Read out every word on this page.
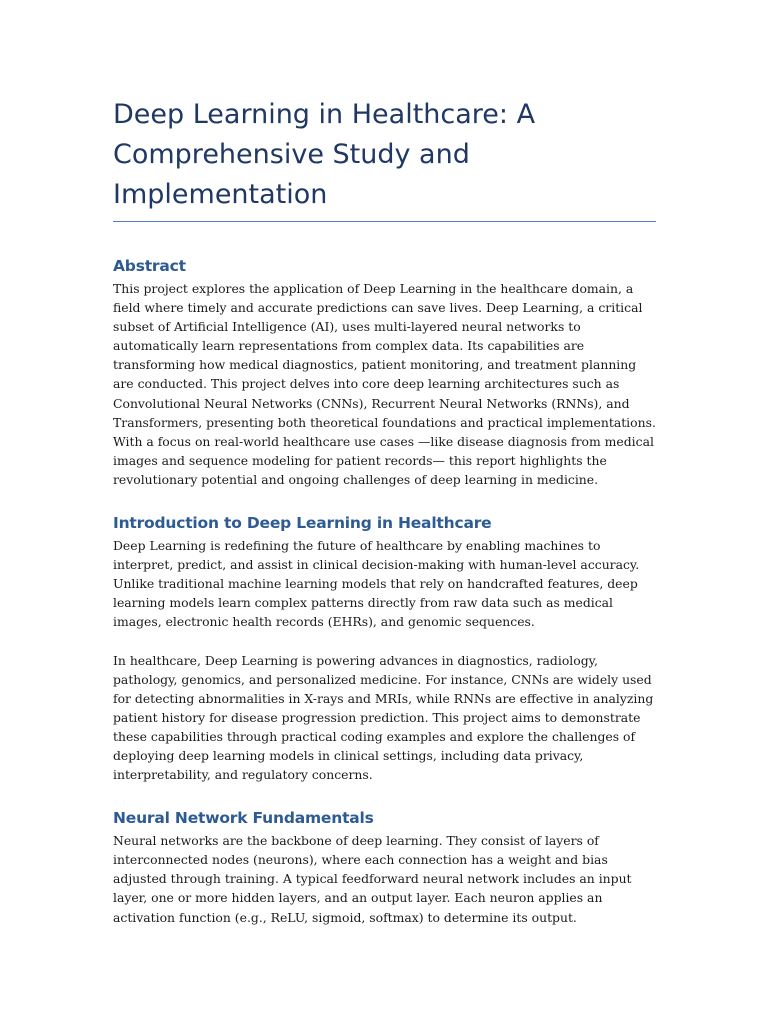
Deep Learning in Healthcare: A Comprehensive Study and Implementation
Abstract

This project explores the application of Deep Learning in the healthcare domain, a field where timely and accurate predictions can save lives. Deep Learning, a critical subset of Artificial Intelligence (AI), uses multi-layered neural networks to automatically learn representations from complex data. Its capabilities are transforming how medical diagnostics, patient monitoring, and treatment planning are conducted. This project delves into core deep learning architectures such as Convolutional Neural Networks (CNNs), Recurrent Neural Networks (RNNs), and Transformers, presenting both theoretical foundations and practical implementations. With a focus on real-world healthcare use cases —like disease diagnosis from medical images and sequence modeling for patient records— this report highlights the revolutionary potential and ongoing challenges of deep learning in medicine.

Introduction to Deep Learning in Healthcare

Deep Learning is redefining the future of healthcare by enabling machines to interpret, predict, and assist in clinical decision-making with human-level accuracy. Unlike traditional machine learning models that rely on handcrafted features, deep learning models learn complex patterns directly from raw data such as medical images, electronic health records (EHRs), and genomic sequences.

In healthcare, Deep Learning is powering advances in diagnostics, radiology, pathology, genomics, and personalized medicine. For instance, CNNs are widely used for detecting abnormalities in X-rays and MRIs, while RNNs are effective in analyzing patient history for disease progression prediction. This project aims to demonstrate these capabilities through practical coding examples and explore the challenges of deploying deep learning models in clinical settings, including data privacy, interpretability, and regulatory concerns.

Neural Network Fundamentals

Neural networks are the backbone of deep learning. They consist of layers of interconnected nodes (neurons), where each connection has a weight and bias adjusted through training. A typical feedforward neural network includes an input layer, one or more hidden layers, and an output layer. Each neuron applies an activation function (e.g., ReLU, sigmoid, softmax) to determine its output.
